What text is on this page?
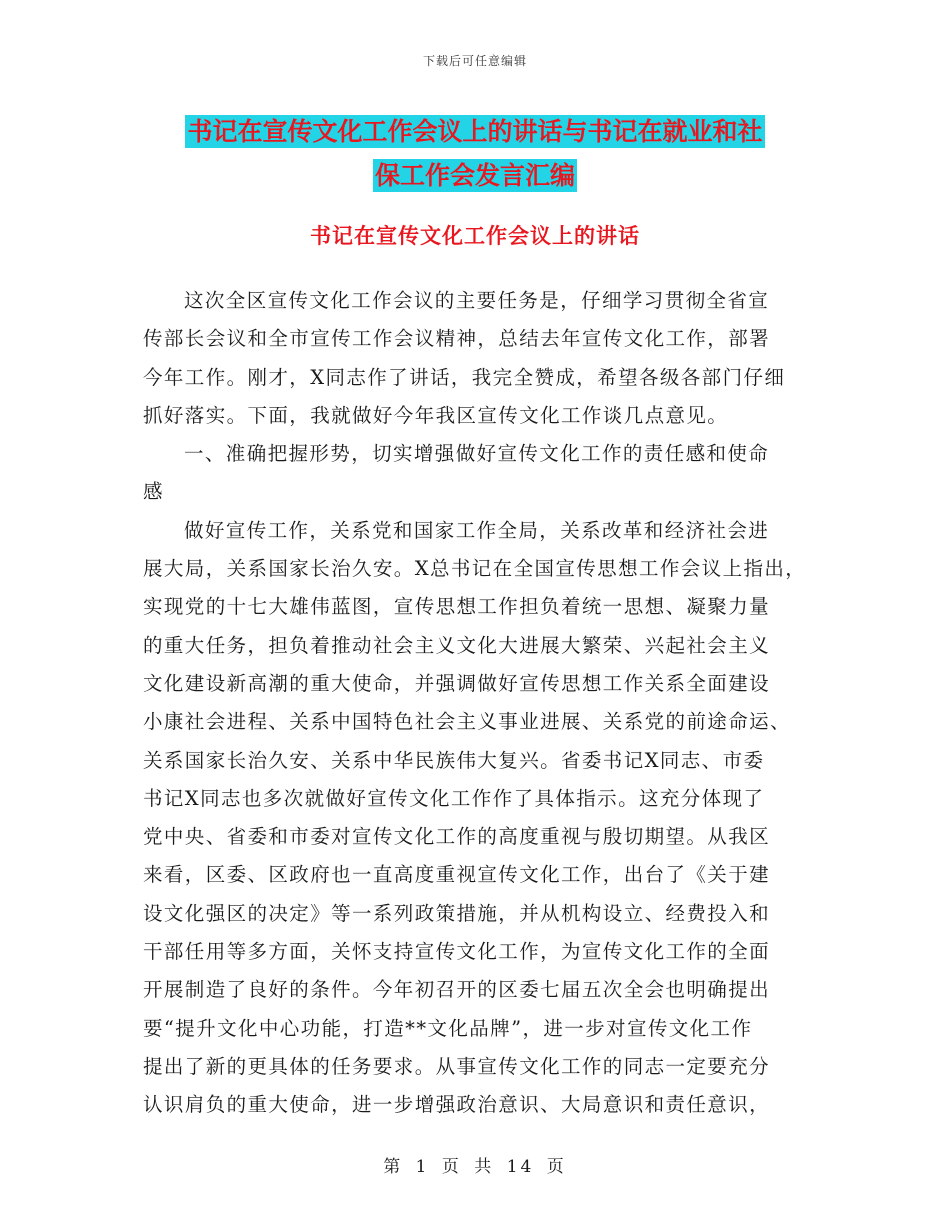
下载后可任意编辑
书记在宣传文化工作会议上的讲话与书记在就业和社
保工作会发言汇编
书记在宣传文化工作会议上的讲话
这次全区宣传文化工作会议的主要任务是，仔细学习贯彻全省宣
传部长会议和全市宣传工作会议精神，总结去年宣传文化工作，部署
今年工作。刚才，X同志作了讲话，我完全赞成，希望各级各部门仔细
抓好落实。下面，我就做好今年我区宣传文化工作谈几点意见。
一、准确把握形势，切实增强做好宣传文化工作的责任感和使命
感
做好宣传工作，关系党和国家工作全局，关系改革和经济社会进
展大局，关系国家长治久安。X总书记在全国宣传思想工作会议上指出，
实现党的十七大雄伟蓝图，宣传思想工作担负着统一思想、凝聚力量
的重大任务，担负着推动社会主义文化大进展大繁荣、兴起社会主义
文化建设新高潮的重大使命，并强调做好宣传思想工作关系全面建设
小康社会进程、关系中国特色社会主义事业进展、关系党的前途命运、
关系国家长治久安、关系中华民族伟大复兴。省委书记X同志、市委
书记X同志也多次就做好宣传文化工作作了具体指示。这充分体现了
党中央、省委和市委对宣传文化工作的高度重视与殷切期望。从我区
来看，区委、区政府也一直高度重视宣传文化工作，出台了《关于建
设文化强区的决定》等一系列政策措施，并从机构设立、经费投入和
干部任用等多方面，关怀支持宣传文化工作，为宣传文化工作的全面
开展制造了良好的条件。今年初召开的区委七届五次全会也明确提出
要“提升文化中心功能，打造**文化品牌”，进一步对宣传文化工作
提出了新的更具体的任务要求。从事宣传文化工作的同志一定要充分
认识肩负的重大使命，进一步增强政治意识、大局意识和责任意识，
第 1 页 共 14 页
